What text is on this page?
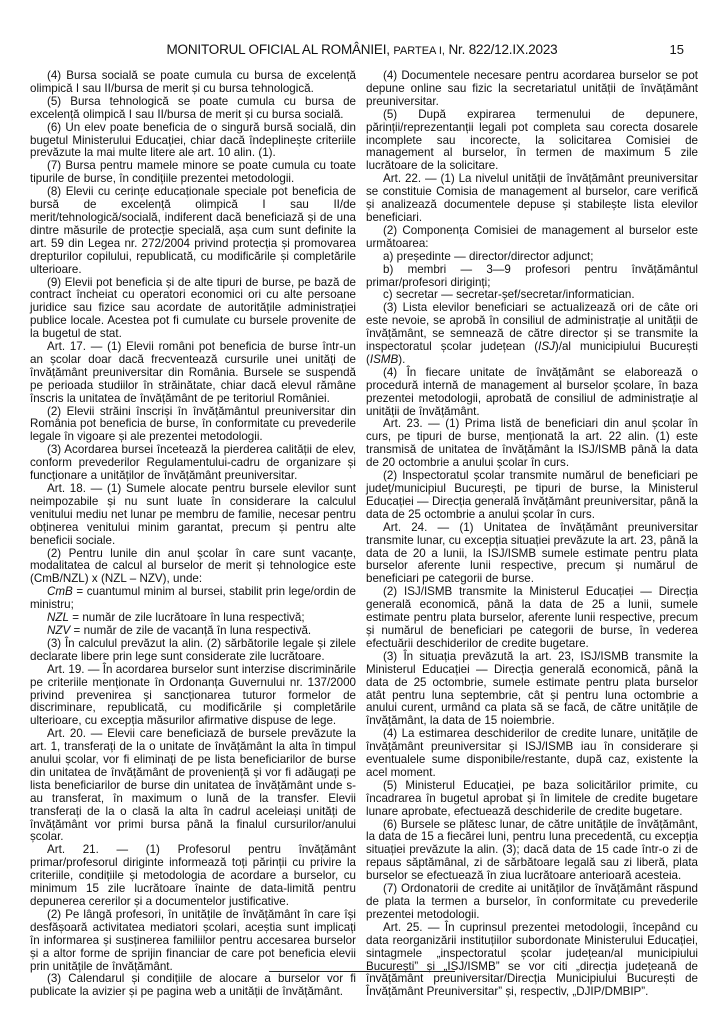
MONITORUL OFICIAL AL ROMÂNIEI, PARTEA I, Nr. 822/12.IX.2023	15

(4) Bursa socială se poate cumula cu bursa de excelență olimpică I sau II/bursa de merit și cu bursa tehnologică.

(5) Bursa tehnologică se poate cumula cu bursa de excelență olimpică I sau II/bursa de merit și cu bursa socială.

(6) Un elev poate beneficia de o singură bursă socială, din bugetul Ministerului Educației, chiar dacă îndeplinește criteriile prevăzute la mai multe litere ale art. 10 alin. (1).

(7) Bursa pentru mamele minore se poate cumula cu toate tipurile de burse, în condițiile prezentei metodologii.

(8) Elevii cu cerințe educaționale speciale pot beneficia de bursă de excelență olimpică I sau II/de merit/tehnologică/socială, indiferent dacă beneficiază și de una dintre măsurile de protecție specială, așa cum sunt definite la art. 59 din Legea nr. 272/2004 privind protecția și promovarea drepturilor copilului, republicată, cu modificările și completările ulterioare.

(9) Elevii pot beneficia și de alte tipuri de burse, pe bază de contract încheiat cu operatori economici ori cu alte persoane juridice sau fizice sau acordate de autoritățile administrației publice locale. Acestea pot fi cumulate cu bursele provenite de la bugetul de stat.

Art. 17. — (1) Elevii români pot beneficia de burse într-un an școlar doar dacă frecventează cursurile unei unități de învățământ preuniversitar din România. Bursele se suspendă pe perioada studiilor în străinătate, chiar dacă elevul rămâne înscris la unitatea de învățământ de pe teritoriul României.

(2) Elevii străini înscriși în învățământul preuniversitar din România pot beneficia de burse, în conformitate cu prevederile legale în vigoare și ale prezentei metodologii.

(3) Acordarea bursei încetează la pierderea calității de elev, conform prevederilor Regulamentului-cadru de organizare și funcționare a unităților de învățământ preuniversitar.

Art. 18. — (1) Sumele alocate pentru bursele elevilor sunt neimpozabile și nu sunt luate în considerare la calculul venitului mediu net lunar pe membru de familie, necesar pentru obținerea venitului minim garantat, precum și pentru alte beneficii sociale.

(2) Pentru lunile din anul școlar în care sunt vacanțe, modalitatea de calcul al burselor de merit și tehnologice este (CmB/NZL) x (NZL – NZV), unde:

CmB = cuantumul minim al bursei, stabilit prin lege/ordin de ministru;

NZL = număr de zile lucrătoare în luna respectivă;

NZV = număr de zile de vacanță în luna respectivă.

(3) În calculul prevăzut la alin. (2) sărbătorile legale și zilele declarate libere prin lege sunt considerate zile lucrătoare.

Art. 19. — În acordarea burselor sunt interzise discriminările pe criteriile menționate în Ordonanța Guvernului nr. 137/2000 privind prevenirea și sancționarea tuturor formelor de discriminare, republicată, cu modificările și completările ulterioare, cu excepția măsurilor afirmative dispuse de lege.

Art. 20. — Elevii care beneficiază de bursele prevăzute la art. 1, transferați de la o unitate de învățământ la alta în timpul anului școlar, vor fi eliminați de pe lista beneficiarilor de burse din unitatea de învățământ de proveniență și vor fi adăugați pe lista beneficiarilor de burse din unitatea de învățământ unde s-au transferat, în maximum o lună de la transfer. Elevii transferați de la o clasă la alta în cadrul aceleiași unități de învățământ vor primi bursa până la finalul cursurilor/anului școlar.

Art. 21. — (1) Profesorul pentru învățământ primar/profesorul diriginte informează toți părinții cu privire la criteriile, condițiile și metodologia de acordare a burselor, cu minimum 15 zile lucrătoare înainte de data-limită pentru depunerea cererilor și a documentelor justificative.

(2) Pe lângă profesori, în unitățile de învățământ în care își desfășoară activitatea mediatori școlari, aceștia sunt implicați în informarea și susținerea familiilor pentru accesarea burselor și a altor forme de sprijin financiar de care pot beneficia elevii prin unitățile de învățământ.

(3) Calendarul și condițiile de alocare a burselor vor fi publicate la avizier și pe pagina web a unității de învățământ.

(4) Documentele necesare pentru acordarea burselor se pot depune online sau fizic la secretariatul unității de învățământ preuniversitar.

(5) După expirarea termenului de depunere, părinții/reprezentanții legali pot completa sau corecta dosarele incomplete sau incorecte, la solicitarea Comisiei de management al burselor, în termen de maximum 5 zile lucrătoare de la solicitare.

Art. 22. — (1) La nivelul unității de învățământ preuniversitar se constituie Comisia de management al burselor, care verifică și analizează documentele depuse și stabilește lista elevilor beneficiari.

(2) Componența Comisiei de management al burselor este următoarea:

a) președinte — director/director adjunct;

b) membri — 3—9 profesori pentru învățământul primar/profesori diriginți;

c) secretar — secretar-șef/secretar/informatician.

(3) Lista elevilor beneficiari se actualizează ori de câte ori este nevoie, se aprobă în consiliul de administrație al unității de învățământ, se semnează de către director și se transmite la inspectoratul școlar județean (ISJ)/al municipiului București (ISMB).

(4) În fiecare unitate de învățământ se elaborează o procedură internă de management al burselor școlare, în baza prezentei metodologii, aprobată de consiliul de administrație al unității de învățământ.

Art. 23. — (1) Prima listă de beneficiari din anul școlar în curs, pe tipuri de burse, menționată la art. 22 alin. (1) este transmisă de unitatea de învățământ la ISJ/ISMB până la data de 20 octombrie a anului școlar în curs.

(2) Inspectoratul școlar transmite numărul de beneficiari pe județ/municipiul București, pe tipuri de burse, la Ministerul Educației — Direcția generală învățământ preuniversitar, până la data de 25 octombrie a anului școlar în curs.

Art. 24. — (1) Unitatea de învățământ preuniversitar transmite lunar, cu excepția situației prevăzute la art. 23, până la data de 20 a lunii, la ISJ/ISMB sumele estimate pentru plata burselor aferente lunii respective, precum și numărul de beneficiari pe categorii de burse.

(2) ISJ/ISMB transmite la Ministerul Educației — Direcția generală economică, până la data de 25 a lunii, sumele estimate pentru plata burselor, aferente lunii respective, precum și numărul de beneficiari pe categorii de burse, în vederea efectuării deschiderilor de credite bugetare.

(3) În situația prevăzută la art. 23, ISJ/ISMB transmite la Ministerul Educației — Direcția generală economică, până la data de 25 octombrie, sumele estimate pentru plata burselor atât pentru luna septembrie, cât și pentru luna octombrie a anului curent, urmând ca plata să se facă, de către unitățile de învățământ, la data de 15 noiembrie.

(4) La estimarea deschiderilor de credite lunare, unitățile de învățământ preuniversitar și ISJ/ISMB iau în considerare și eventualele sume disponibile/restante, după caz, existente la acel moment.

(5) Ministerul Educației, pe baza solicitărilor primite, cu încadrarea în bugetul aprobat și în limitele de credite bugetare lunare aprobate, efectuează deschiderile de credite bugetare.

(6) Bursele se plătesc lunar, de către unitățile de învățământ, la data de 15 a fiecărei luni, pentru luna precedentă, cu excepția situației prevăzute la alin. (3); dacă data de 15 cade într-o zi de repaus săptămânal, zi de sărbătoare legală sau zi liberă, plata burselor se efectuează în ziua lucrătoare anterioară acesteia.

(7) Ordonatorii de credite ai unităților de învățământ răspund de plata la termen a burselor, în conformitate cu prevederile prezentei metodologii.

Art. 25. — În cuprinsul prezentei metodologii, începând cu data reorganizării instituțiilor subordonate Ministerului Educației, sintagmele „inspectoratul școlar județean/al municipiului București” și „ISJ/ISMB” se vor citi „direcția județeană de învățământ preuniversitar/Direcția Municipiului București de Învățământ Preuniversitar” și, respectiv, „DJIP/DMBIP”.
